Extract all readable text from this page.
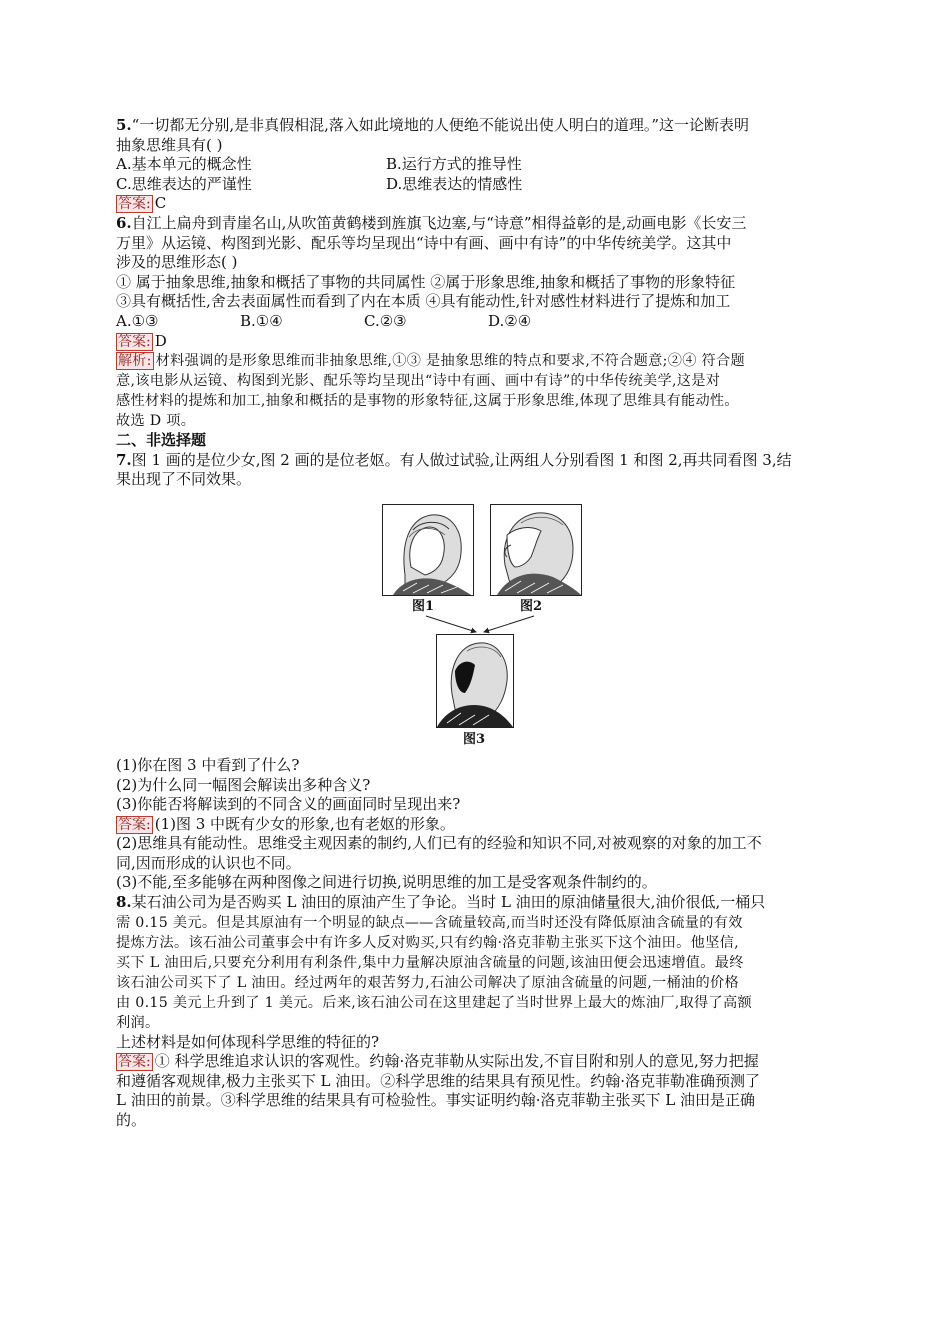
5.“一切都无分别,是非真假相混,落入如此境地的人便绝不能说出使人明白的道理。”这一论断表明
抽象思维具有( )
A.基本单元的概念性	B.运行方式的推导性
C.思维表达的严谨性	D.思维表达的情感性
答案: C
6.自江上扁舟到青崖名山,从吹笛黄鹤楼到旌旗飞边塞,与“诗意”相得益彰的是,动画电影《长安三
万里》从运镜、构图到光影、配乐等均呈现出“诗中有画、画中有诗”的中华传统美学。这其中
涉及的思维形态( )
① 属于抽象思维,抽象和概括了事物的共同属性 ②属于形象思维,抽象和概括了事物的形象特征
③具有概括性,舍去表面属性而看到了内在本质 ④具有能动性,针对感性材料进行了提炼和加工
A.①③	B.①④	C.②③	D.②④
答案: D
解析: 材料强调的是形象思维而非抽象思维,①③ 是抽象思维的特点和要求,不符合题意;②④ 符合题
意,该电影从运镜、构图到光影、配乐等均呈现出“诗中有画、画中有诗”的中华传统美学,这是对
感性材料的提炼和加工,抽象和概括的是事物的形象特征,这属于形象思维,体现了思维具有能动性。
故选 D 项。
二、非选择题
7.图 1 画的是位少女,图 2 画的是位老妪。有人做过试验,让两组人分别看图 1 和图 2,再共同看图 3,结
果出现了不同效果。
图1	图2
图3
(1)你在图 3 中看到了什么?
(2)为什么同一幅图会解读出多种含义?
(3)你能否将解读到的不同含义的画面同时呈现出来?
答案: (1)图 3 中既有少女的形象,也有老妪的形象。
(2)思维具有能动性。思维受主观因素的制约,人们已有的经验和知识不同,对被观察的对象的加工不
同,因而形成的认识也不同。
(3)不能,至多能够在两种图像之间进行切换,说明思维的加工是受客观条件制约的。
8.某石油公司为是否购买 L 油田的原油产生了争论。当时 L 油田的原油储量很大,油价很低,一桶只
需 0.15 美元。但是其原油有一个明显的缺点——含硫量较高,而当时还没有降低原油含硫量的有效
提炼方法。该石油公司董事会中有许多人反对购买,只有约翰·洛克菲勒主张买下这个油田。他坚信,
买下 L 油田后,只要充分利用有利条件,集中力量解决原油含硫量的问题,该油田便会迅速增值。最终
该石油公司买下了 L 油田。经过两年的艰苦努力,石油公司解决了原油含硫量的问题,一桶油的价格
由 0.15 美元上升到了 1 美元。后来,该石油公司在这里建起了当时世界上最大的炼油厂,取得了高额
利润。
上述材料是如何体现科学思维的特征的?
答案: ① 科学思维追求认识的客观性。约翰·洛克菲勒从实际出发,不盲目附和别人的意见,努力把握
和遵循客观规律,极力主张买下 L 油田。②科学思维的结果具有预见性。约翰·洛克菲勒准确预测了
L 油田的前景。③科学思维的结果具有可检验性。事实证明约翰·洛克菲勒主张买下 L 油田是正确
的。
